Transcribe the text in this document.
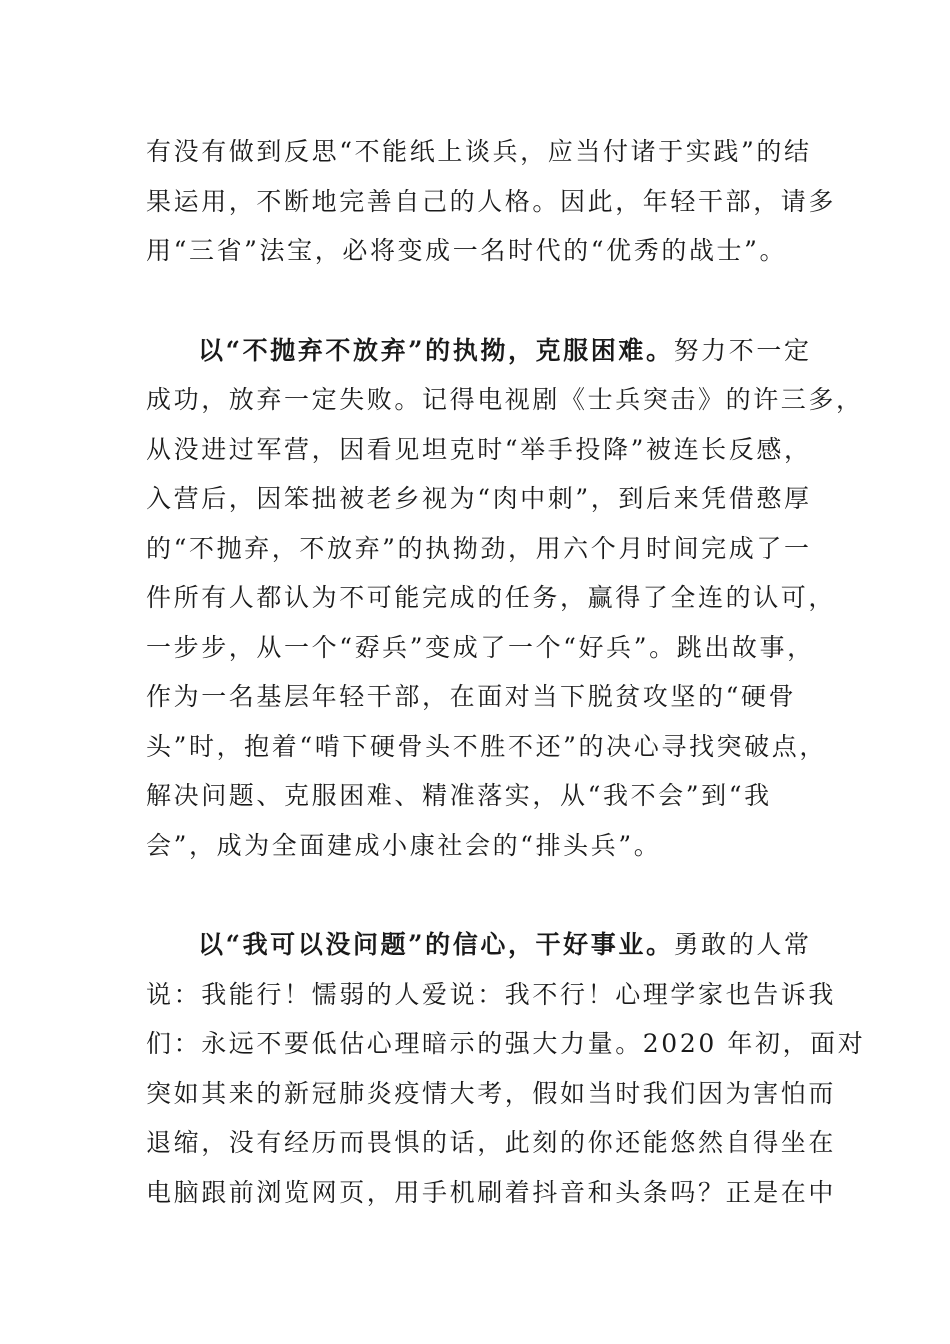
有没有做到反思“不能纸上谈兵，应当付诸于实践”的结
果运用，不断地完善自己的人格。因此，年轻干部，请多
用“三省”法宝，必将变成一名时代的“优秀的战士”。
以“不抛弃不放弃”的执拗，克服困难。努力不一定
成功，放弃一定失败。记得电视剧《士兵突击》的许三多，
从没进过军营，因看见坦克时“举手投降”被连长反感，
入营后，因笨拙被老乡视为“肉中刺”，到后来凭借憨厚
的“不抛弃，不放弃”的执拗劲，用六个月时间完成了一
件所有人都认为不可能完成的任务，赢得了全连的认可，
一步步，从一个“孬兵”变成了一个“好兵”。跳出故事，
作为一名基层年轻干部，在面对当下脱贫攻坚的“硬骨
头”时，抱着“啃下硬骨头不胜不还”的决心寻找突破点，
解决问题、克服困难、精准落实，从“我不会”到“我
会”，成为全面建成小康社会的“排头兵”。
以“我可以没问题”的信心，干好事业。勇敢的人常
说：我能行！懦弱的人爱说：我不行！心理学家也告诉我
们：永远不要低估心理暗示的强大力量。2020 年初，面对
突如其来的新冠肺炎疫情大考，假如当时我们因为害怕而
退缩，没有经历而畏惧的话，此刻的你还能悠然自得坐在
电脑跟前浏览网页，用手机刷着抖音和头条吗？正是在中
